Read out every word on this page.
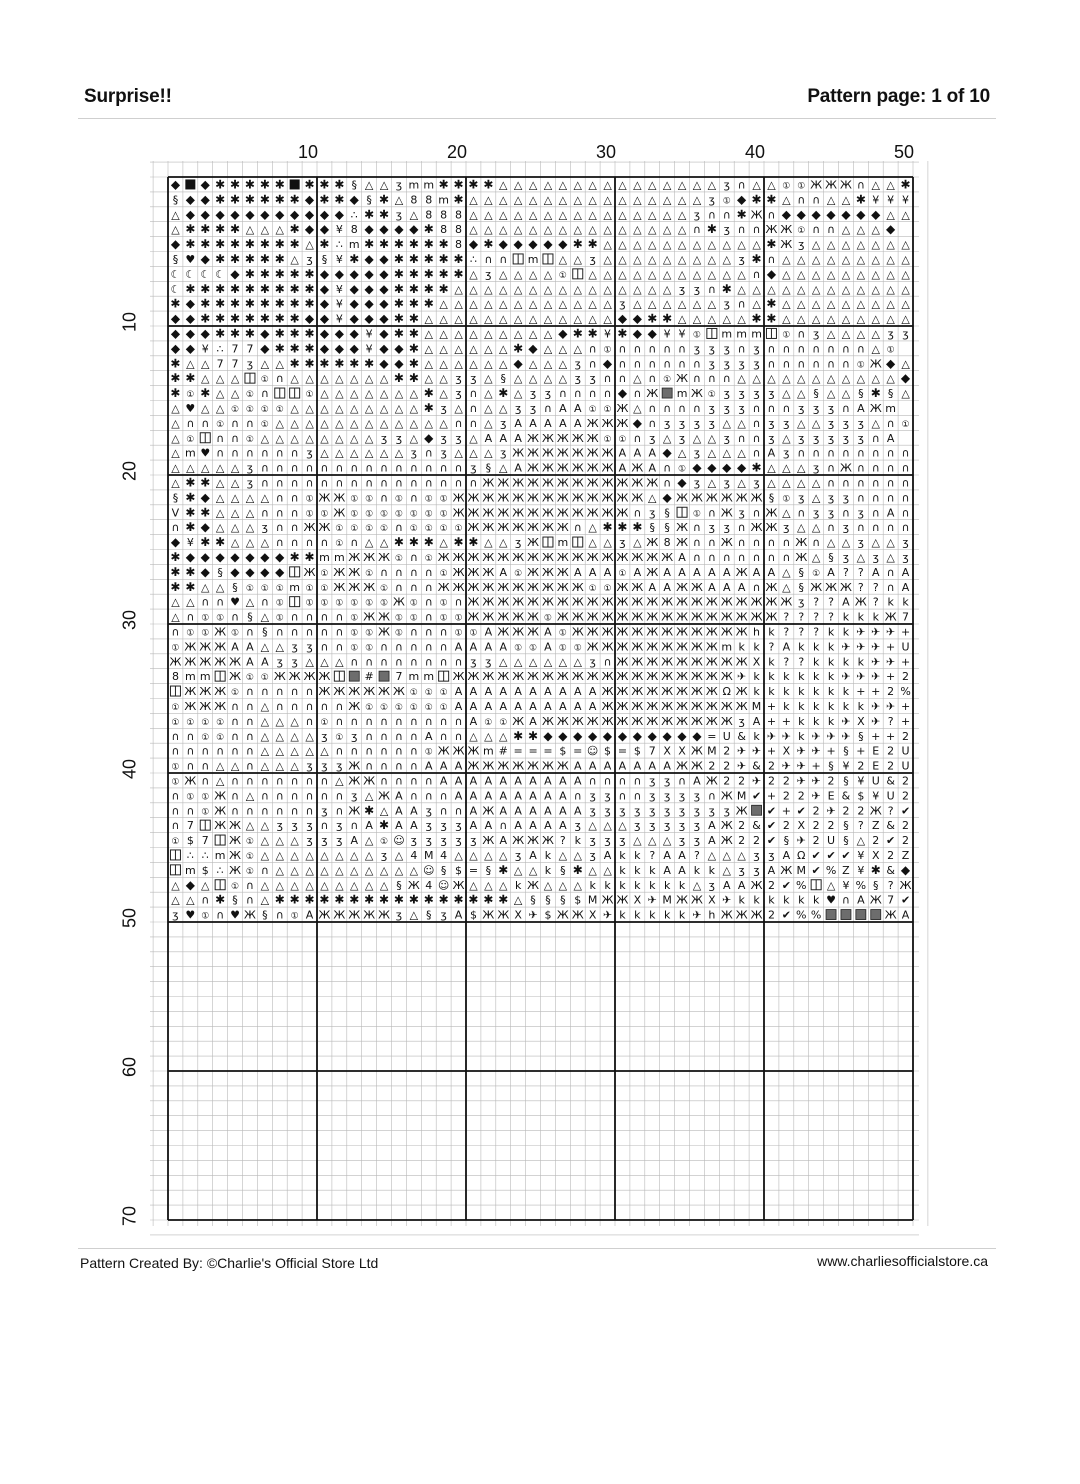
Surprise!!	Pattern page: 1 of 10
10	20	30	40	50
10
20
30
40
50
60
70
◆ ◆ ✱ ✱ ✱ ✱ ✱ ✱ ✱ ✱ § △ △ ʒ m m ✱ ✱ ✱ ✱ △ △ △ △ △ △ △ △ △ △ △ △ △ △ △ ʒ ∩ △ △ ① ① Ж Ж Ж ∩ △ △ ✱
§ ◆ ◆ ✱ ✱ ✱ ✱ ✱ ✱ ◆ ✱ ✱ ◆ § ✱ △ 8 8 m ✱ △ △ △ △ △ △ △ △ △ △ △ △ △ △ △ △ ʒ ① ◆ ✱ ✱ △ ∩ ∩ △ △ ✱ ¥ ¥ ¥
△ ◆ ◆ ◆ ◆ ◆ ◆ ◆ ◆ ◆ ◆ ◆ ∴ ✱ ✱ ʒ △ 8 8 8 △ △ △ △ △ △ △ △ △ △ △ △ △ △ △ ʒ ∩ ∩ ✱ Ж ∩ ◆ ◆ ◆ ◆ ◆ ◆ ◆ △ △
△ ✱ ✱ ✱ ✱ △ △ △ ✱ ◆ ◆ ¥ 8 ◆ ◆ ◆ ◆ ✱ 8 8 △ △ △ △ △ △ △ △ △ △ △ △ △ △ △ ∩ ✱ ʒ ∩ ∩ Ж Ж ① ∩ ∩ △ △ △ ◆
◆ ✱ ✱ ✱ ✱ ✱ ✱ ✱ ✱ △ ✱ ∴ m ✱ ✱ ✱ ✱ ✱ ✱ 8 ◆ ✱ ◆ ◆ ◆ ◆ ◆ ✱ ✱ △ △ △ △ △ △ △ △ △ △ △ ✱ Ж ʒ △ △ △ △ △ △ △
§ ♥ ◆ ✱ ✱ ✱ ✱ ✱ △ ʒ § ¥ ✱ ◆ ◆ ✱ ✱ ✱ ✱ ✱ ∴ ∩ ∩ m △ △ ʒ △ △ △ △ △ △ △ △ △ ʒ ✱ ∩ △ △ △ △ △ △ △ △ △
☾ ☾ ☾ ☾ ◆ ✱ ✱ ✱ ✱ ✱ ◆ ◆ ◆ ◆ ◆ ✱ ✱ ✱ ✱ ✱ △ ʒ △ △ △ △ ① △ △ △ △ △ △ △ △ △ △ △ ∩ ◆ △ △ △ △ △ △ △ △ △
☾ ✱ ✱ ✱ ✱ ✱ ✱ ✱ ✱ ✱ ◆ ¥ ◆ ◆ ◆ ✱ ✱ ✱ ✱ △ △ △ △ △ △ △ △ △ △ △ △ △ △ △ ʒ ʒ ∩ ✱ △ △ △ △ △ △ △ △ △ △ △ △
✱ ◆ ✱ ✱ ✱ ✱ ✱ ✱ ✱ ✱ ◆ ¥ ◆ ◆ ◆ ✱ ✱ ✱ △ △ △ △ △ △ △ △ △ △ △ △ ʒ △ △ △ △ △ △ ʒ ∩ △ ✱ △ △ △ △ △ △ △ △ △
◆ ◆ ✱ ✱ ✱ ✱ ✱ ✱ ✱ ◆ ◆ ¥ ◆ ◆ ◆ ✱ ✱ △ △ △ △ △ △ △ △ △ △ △ △ △ ◆ ◆ ✱ ✱ △ △ △ △ △ ✱ ✱ △ △ △ △ △ △ △ △ △
◆ ◆ ◆ ✱ ✱ ✱ ◆ ✱ ✱ ✱ ◆ ◆ ◆ ¥ ◆ ✱ ✱ △ △ △ △ △ △ △ △ △ ◆ ✱ ✱ ¥ ✱ ◆ ◆ ¥ ¥ ① m m m ① ∩ ʒ △ △ △ △ ʒ ʒ
◆ ◆ ¥ ∴ 7 7 ◆ ✱ ✱ ✱ ◆ ◆ ◆ ¥ ◆ ◆ ✱ △ △ △ △ △ △ ✱ ◆ △ △ △ ∩ ① ∩ ∩ ∩ ∩ ∩ ʒ ʒ ʒ ∩ ʒ ∩ ∩ ∩ ∩ ∩ ∩ ∩ △ ①
✱ △ △ 7 7 ʒ △ △ ✱ ✱ ✱ ✱ ✱ ✱ ◆ ◆ ✱ △ △ △ △ △ △ ◆ △ △ △ ʒ ∩ ◆ ∩ ∩ ∩ ∩ ∩ ∩ ʒ ʒ ʒ ʒ ∩ ∩ ∩ ∩ ∩ ∩ ① Ж ◆ △
✱ ✱ △ △ △ ① ∩ △ △ △ △ △ △ △ ✱ ✱ △ △ ʒ ʒ △ § △ △ △ △ ʒ ʒ ∩ ∩ △ ∩ ① Ж ∩ ∩ ∩ △ △ △ △ △ △ △ △ △ △ △ ◆
✱ ① ✱ △ △ ① ∩	① △ △ △ △ △ △ △ ✱ △ ʒ ∩ △ ✱ △ ʒ ʒ ∩ ∩ ∩ ∩ ◆ ∩ Ж m Ж ① ʒ ʒ ʒ ʒ △ △ § △ △ § ✱ § △
△ ♥ △ △ ① ① ① ① △ △ △ △ △ △ △ △ △ ✱ ʒ △ ∩ △ △ ʒ ʒ ∩ A A ① ① Ж △ ∩ ∩ ∩ ∩ ʒ ʒ ʒ ∩ ∩ ∩ ʒ ʒ ʒ ∩ A Ж m
△ ∩ ∩ ① ∩ ∩ ① △ △ △ △ △ △ △ △ △ △ △ △ ∩ ∩ △ ʒ A A A A A Ж Ж Ж ◆ ∩ ʒ ʒ ʒ ʒ △ △ ∩ ʒ ʒ △ △ ʒ ʒ ʒ △ ∩ ①
△ ① ∩ ∩ ① △ △ △ △ △ △ △ △ ʒ ʒ △ ◆ ʒ ʒ △ A A A Ж Ж Ж Ж Ж ① ① ∩ ʒ △ ʒ △ △ ʒ ∩ ∩ ʒ △ ʒ ʒ ʒ ʒ ʒ ∩ A
△ m ♥ ∩ ∩ ∩ ∩ ∩ ∩ ʒ △ △ △ △ △ △ ʒ ∩ ʒ △ △ △ ʒ Ж Ж Ж Ж Ж Ж Ж A A A ◆ △ ʒ △ △ △ ∩ A ʒ ∩ ∩ ∩ ∩ ∩ ∩ ∩ ∩
△ △ △ △ △ ʒ ∩ ∩ ∩ ∩ ∩ ∩ ∩ ∩ ∩ ∩ ∩ ∩ ∩ ∩ ʒ § △ A Ж Ж Ж Ж Ж Ж A Ж A ∩ ① ◆ ◆ ◆ ◆ ✱ △ △ △ ʒ ∩ Ж ∩ ∩ ∩ ∩
△ ✱ ✱ △ △ ʒ ∩ ∩ ∩ ∩ ∩ ∩ ∩ ∩ ∩ ∩ ∩ ∩ ∩ ∩ ∩ Ж Ж Ж Ж Ж Ж Ж Ж Ж Ж Ж Ж ∩ ◆ ʒ △ ʒ △ ʒ △ △ △ △ ∩ ∩ ∩ ∩ ∩ ∩
§ ✱ ◆ △ △ △ △ ∩ ∩ ① Ж Ж ① ① ∩ ① ∩ ① ① Ж Ж Ж Ж Ж Ж Ж Ж Ж Ж Ж Ж Ж △ ◆ Ж Ж Ж Ж Ж Ж § ① ʒ △ ʒ ʒ ∩ ∩ ∩ ∩
V ✱ ✱ △ △ △ ∩ ∩ ∩ ① ① Ж ① ① ① ① ① ① ① Ж Ж Ж Ж Ж Ж Ж Ж Ж Ж Ж Ж ∩ ʒ §	① ∩ Ж ʒ ∩ Ж △ ∩ ʒ ʒ ∩ ʒ ∩ A ∩
∩ ✱ ◆ △ △ △ ʒ ∩ ∩ Ж Ж ① ① ① ① ∩ ① ① ① ① Ж Ж Ж Ж Ж Ж Ж ∩ △ ✱ ✱ ✱ § § Ж ∩ ʒ ʒ ∩ Ж Ж ʒ △ △ ∩ ʒ ∩ ∩ ∩ ∩
◆ ¥ ✱ ✱ △ △ △ ∩ ∩ ∩ ∩ ① ∩ △ △ ✱ ✱ ✱ △ ✱ ✱ △ △ ʒ Ж m △ △ ʒ △ Ж 8 Ж ∩ ∩ Ж ∩ ∩ ∩ ∩ Ж ∩ △ △ ʒ △ △ ʒ
✱ ◆ ◆ ◆ ◆ ◆ ◆ ◆ ✱ ✱ m m Ж Ж Ж ① ∩ ① Ж Ж Ж Ж Ж Ж Ж Ж Ж Ж Ж Ж Ж Ж Ж Ж A ∩ ∩ ∩ ∩ ∩ ∩ ∩ Ж △ § ʒ △ ʒ △ ʒ
✱ ✱ ◆ § ◆ ◆ ◆ ◆ Ж ① Ж Ж ① ∩ ∩ ∩ ∩ ① Ж Ж Ж A ① Ж Ж Ж A A A ① A Ж A A A A A Ж A A △ § ① A ? ? A ∩ A
✱ ✱ △ △ § ① ① ① m ① ① Ж Ж Ж ① ∩ ∩ ∩ Ж Ж Ж Ж Ж Ж Ж Ж Ж Ж ① ① Ж Ж A A Ж Ж A A A ∩ Ж △ § Ж Ж Ж ? ? ∩ A
△ △ ∩ ∩ ♥ △ ∩ ① ① ① ① ① ① ① Ж ① ∩ ① ∩ Ж Ж Ж Ж Ж Ж Ж Ж Ж Ж Ж Ж Ж Ж Ж Ж Ж Ж Ж Ж Ж Ж ʒ ? ? A Ж ? k k
△ ∩ ① ① ∩ § △ ① ∩ ∩ ∩ ∩ ① Ж Ж ① ① ∩ ① ① Ж Ж Ж Ж Ж ① Ж Ж Ж Ж Ж Ж Ж Ж Ж Ж Ж Ж Ж Ж Ж ? ? ? ? k k k Ж 7
∩ ① ① Ж ① ∩ § ∩ ∩ ∩ ∩ ∩ ① ① Ж ① ∩ ∩ ∩ ① ① A Ж Ж Ж A ① Ж Ж Ж Ж Ж Ж Ж Ж Ж Ж Ж Ж h k ? ? ? k k ✈ ✈ ✈ +
① Ж Ж Ж A A △ △ ʒ ʒ ∩ ∩ ① ① ∩ ∩ ∩ ∩ ∩ A A A A ① ① A ① ① Ж Ж Ж Ж Ж Ж Ж Ж Ж m k k ? A k k k ✈ ✈ ✈ + U
Ж Ж Ж Ж Ж A A ʒ ʒ △ △ △ ∩ ∩ ∩ ∩ ∩ ∩ ∩ ∩ ʒ ʒ △ △ △ △ △ △ ʒ ∩ Ж Ж Ж Ж Ж Ж Ж Ж Ж X k ? ? k k k k ✈ ✈ +
8 m m Ж ① ① Ж Ж Ж Ж	# 7 m m Ж Ж Ж Ж Ж Ж Ж Ж Ж Ж Ж Ж Ж Ж Ж Ж Ж Ж Ж ✈ k k k k k k ✈ ✈ ✈ + 2
Ж Ж Ж ① ∩ ∩ ∩ ∩ ∩ Ж Ж Ж Ж Ж Ж ① ① ① A A A A A A A A A A Ж Ж Ж Ж Ж Ж Ж Ж Ω Ж k k k k k k k + + 2 %
① Ж Ж Ж ∩ ∩ △ ∩ ∩ ∩ ∩ ∩ Ж ① ① ① ① ① ① A A A A A A A A A A Ж Ж Ж Ж Ж Ж Ж Ж Ж Ж M + k k k k k k ✈ ✈ +
① ① ① ① ∩ ∩ △ △ △ ∩ ① ∩ ∩ ∩ ∩ ∩ ∩ ∩ ∩ ∩ A ① ① Ж A Ж Ж Ж Ж Ж Ж Ж Ж Ж Ж Ж Ж Ж ʒ A + + k k k ✈ X ✈ ? +
∩ ∩ ① ① ∩ ∩ △ △ △ △ ʒ ① ʒ ∩ ∩ ∩ ∩ A ∩ ∩ △ △ △ ✱ ✱ ◆ ◆ ◆ ◆ ◆ ◆ ◆ ◆ ◆ ◆ ◆ = U & k ✈ ✈ k ✈ ✈ ✈ § + + 2
∩ ∩ ∩ ∩ ∩ ∩ △ △ △ △ △ ∩ ∩ ∩ ∩ ∩ ∩ ① Ж Ж Ж m # = = = $ = ☺ $ = $ 7 X X Ж M 2 ✈ ✈ + X ✈ ✈ + § + E 2 U
① ∩ ∩ △ △ ∩ △ △ △ ʒ ʒ ʒ Ж ∩ ∩ ∩ ∩ A A A Ж Ж Ж Ж Ж Ж Ж A A A A A A A Ж Ж 2 2 ✈ & 2 ✈ ✈ + § ¥ 2 E 2 U
① Ж ∩ △ ∩ ∩ ∩ ∩ ∩ ∩ ∩ △ Ж Ж ∩ ∩ ∩ ∩ A A A A A A A A A A ∩ ∩ ∩ ∩ ʒ ʒ ∩ A Ж 2 2 ✈ 2 2 ✈ ✈ 2 § ¥ U & 2
∩ ① ① Ж ∩ △ ∩ ∩ ∩ ∩ ∩ ∩ ʒ △ Ж A ∩ ∩ ∩ A A A A A A A A ∩ ʒ ʒ ∩ ∩ ʒ ʒ ʒ ʒ ∩ Ж M ✔ + 2 2 ✈ E & $ ¥ U 2
∩ ∩ ① Ж ∩ ∩ ∩ ∩ ∩ ∩ ʒ ∩ Ж ✱ △ A A ʒ ∩ ∩ A Ж A A A A A A ʒ ʒ ʒ ʒ ʒ ʒ ʒ ʒ ʒ ʒ Ж ✔ + ✔ 2 ✈ 2 2 Ж ? ✔
∩ 7 Ж Ж △ △ ʒ ʒ ʒ ∩ ʒ ∩ A ✱ A A ʒ ʒ ʒ A A ∩ A A A A ʒ △ △ △ ʒ ʒ ʒ ʒ ʒ A Ж 2 & ✔ 2 X 2 2 § ? Z & 2
① $ 7 Ж ① △ △ △ ʒ ʒ ʒ A △ ① ☺ ʒ ʒ ʒ ʒ ʒ Ж A Ж Ж Ж ? k ʒ ʒ ʒ △ △ △ ʒ ʒ A Ж 2 2 ✔ § ✈ 2 U § △ 2 ✔ 2
∴ ∴ m Ж ① △ △ △ △ △ △ △ △ ʒ △ 4 M 4 △ △ △ △ ʒ A k △ △ ʒ A k k ? A A ? △ △ △ ʒ ʒ A Ω ✔ ✔ ✔ ¥ X 2 Z
m $ ∴ Ж ① ∩ △ △ △ △ △ △ △ △ △ △ ☺ § $ = § ✱ △ △ k § ✱ △ △ k k k A A k k △ ʒ ʒ A Ж M ✔ % Z ¥ ✱ & ◆
△ ◆ △ ① ∩ △ △ △ △ △ △ △ △ △ § Ж 4 ☺ Ж △ △ △ k Ж △ △ △ k k k k k k k △ ʒ A A Ж 2 ✔ % △ ¥ % § ? Ж
△ △ ∩ ✱ § ∩ △ ✱ ✱ ✱ ✱ ✱ ✱ ✱ ✱ ✱ ✱ ✱ ✱ ✱ ✱ ✱ ✱ △ § § § $ M Ж Ж X ✈ M Ж Ж X ✈ k k k k k k ♥ ∩ A Ж 7 ✔
ʒ ♥ ① ∩ ♥ Ж § ∩ ① A Ж Ж Ж Ж Ж ʒ △ § ʒ A $ Ж Ж X ✈ $ Ж Ж X ✈ k k k k k ✈ h Ж Ж Ж 2 ✔ % %	Ж A
Pattern Created By: ©Charlie's Official Store Ltd	www.charliesofficialstore.ca
